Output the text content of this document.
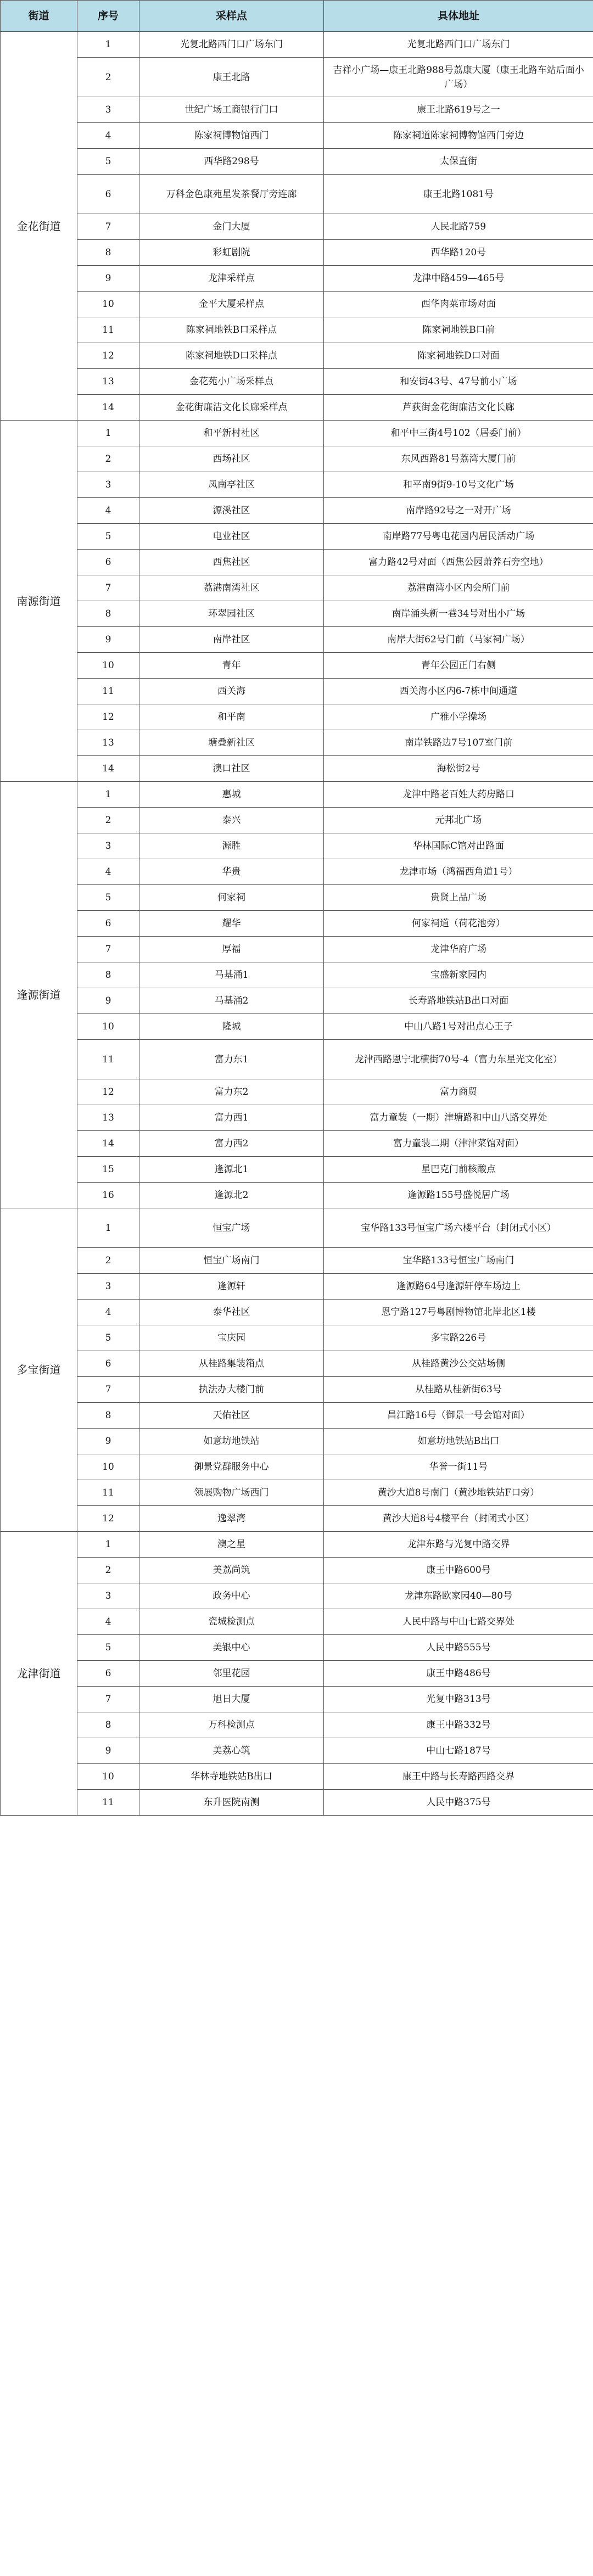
街道	序号	采样点	具体地址
金花街道	1	光复北路西门口广场东门	光复北路西门口广场东门
	2	康王北路	吉祥小广场—康王北路988号荔康大厦（康王北路车站后面小广场）
	3	世纪广场工商银行门口	康王北路619号之一
	4	陈家祠博物馆西门	陈家祠道陈家祠博物馆西门旁边
	5	西华路298号	太保直街
	6	万科金色康苑星发茶餐厅旁连廊	康王北路1081号
	7	金门大厦	人民北路759
	8	彩虹剧院	西华路120号
	9	龙津采样点	龙津中路459—465号
	10	金平大厦采样点	西华肉菜市场对面
	11	陈家祠地铁B口采样点	陈家祠地铁B口前
	12	陈家祠地铁D口采样点	陈家祠地铁D口对面
	13	金花苑小广场采样点	和安街43号、47号前小广场
	14	金花街廉洁文化长廊采样点	芦荻街金花街廉洁文化长廊
南源街道	1	和平新村社区	和平中三街4号102（居委门前）
	2	西场社区	东风西路81号荔湾大厦门前
	3	凤南亭社区	和平南9街9-10号文化广场
	4	源溪社区	南岸路92号之一对开广场
	5	电业社区	南岸路77号粤电花园内居民活动广场
	6	西焦社区	富力路42号对面（西焦公园萧养石旁空地）
	7	荔港南湾社区	荔港南湾小区内会所门前
	8	环翠园社区	南岸涌头新一巷34号对出小广场
	9	南岸社区	南岸大街62号门前（马家祠广场）
	10	青年	青年公园正门右侧
	11	西关海	西关海小区内6-7栋中间通道
	12	和平南	广雅小学操场
	13	塘叠新社区	南岸铁路边7号107室门前
	14	澳口社区	海松街2号
逢源街道	1	惠城	龙津中路老百姓大药房路口
	2	泰兴	元邦北广场
	3	源胜	华林国际C馆对出路面
	4	华贵	龙津市场（鸿福西角道1号）
	5	何家祠	贵贤上品广场
	6	耀华	何家祠道（荷花池旁）
	7	厚福	龙津华府广场
	8	马基涌1	宝盛新家园内
	9	马基涌2	长寿路地铁站B出口对面
	10	隆城	中山八路1号对出点心王子
	11	富力东1	龙津西路恩宁北横街70号-4（富力东星光文化室）
	12	富力东2	富力商贸
	13	富力西1	富力童装（一期）津塘路和中山八路交界处
	14	富力西2	富力童装二期（津津菜馆对面）
	15	逢源北1	星巴克门前核酸点
	16	逢源北2	逢源路155号盛悦居广场
多宝街道	1	恒宝广场	宝华路133号恒宝广场六楼平台（封闭式小区）
	2	恒宝广场南门	宝华路133号恒宝广场南门
	3	逢源轩	逢源路64号逢源轩停车场边上
	4	泰华社区	恩宁路127号粤剧博物馆北岸北区1楼
	5	宝庆园	多宝路226号
	6	从桂路集装箱点	从桂路黄沙公交站场侧
	7	执法办大楼门前	从桂路从桂新街63号
	8	天佑社区	昌江路16号（御景一号会馆对面）
	9	如意坊地铁站	如意坊地铁站B出口
	10	御景党群服务中心	华誉一街11号
	11	领展购物广场西门	黄沙大道8号南门（黄沙地铁站F口旁）
	12	逸翠湾	黄沙大道8号4楼平台（封闭式小区）
龙津街道	1	澳之星	龙津东路与光复中路交界
	2	美荔尚筑	康王中路600号
	3	政务中心	龙津东路欧家园40—80号
	4	瓷城检测点	人民中路与中山七路交界处
	5	美银中心	人民中路555号
	6	邻里花园	康王中路486号
	7	旭日大厦	光复中路313号
	8	万科检测点	康王中路332号
	9	美荔心筑	中山七路187号
	10	华林寺地铁站B出口	康王中路与长寿路西路交界
	11	东升医院南测	人民中路375号
